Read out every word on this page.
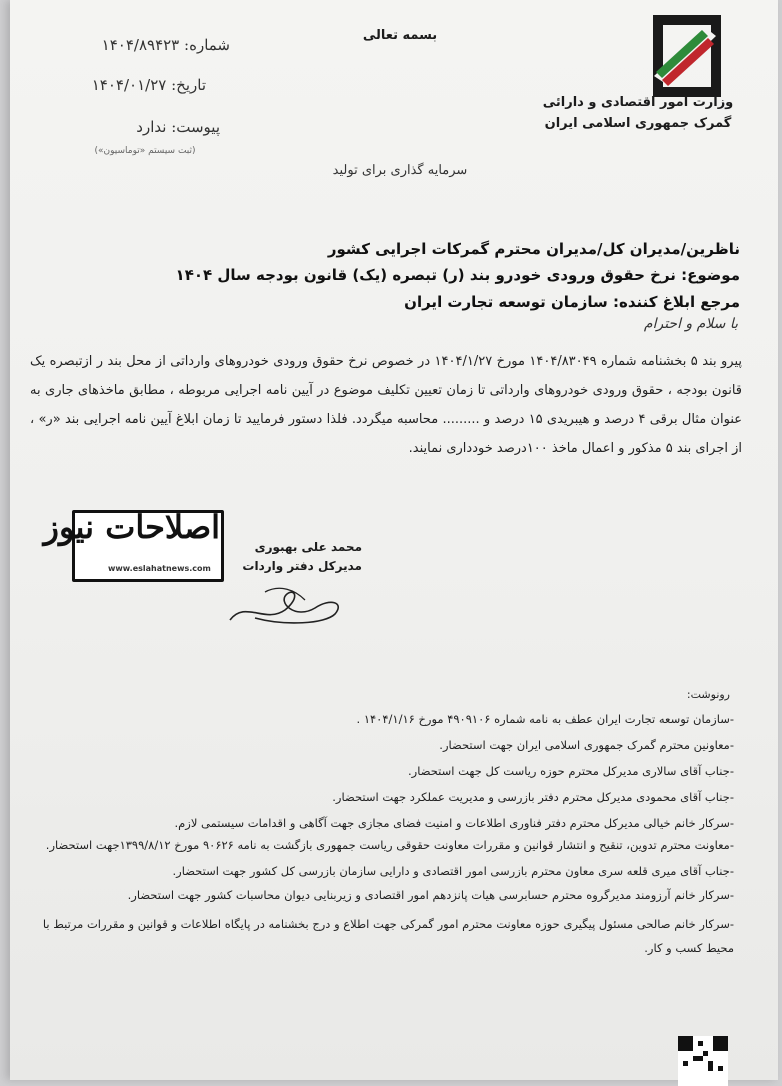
بسمه تعالی
شماره: ۱۴۰۴/۸۹۴۲۳
تاریخ: ۱۴۰۴/۰۱/۲۷
پیوست: ندارد
(ثبت سیستم «توماسیون»)
وزارت امور اقتصادی و دارائی
گمرک جمهوری اسلامی ایران
سرمایه گذاری برای تولید
ناظرین/مدیران کل/مدیران محترم گمرکات اجرایی کشور
موضوع: نرخ حقوق ورودی خودرو بند (ر) تبصره (یک) قانون بودجه سال ۱۴۰۴
مرجع ابلاغ کننده: سازمان توسعه تجارت ایران
با سلام و احترام
پیرو بند ۵ بخشنامه شماره ۱۴۰۴/۸۳۰۴۹ مورخ ۱۴۰۴/۱/۲۷ در خصوص نرخ حقوق ورودی خودروهای وارداتی از محل بند ر ازتبصره یک قانون بودجه ، حقوق ورودی خودروهای وارداتی تا زمان تعیین تکلیف موضوع در آیین نامه اجرایی مربوطه ، مطابق ماخذهای جاری به عنوان مثال برقی ۴ درصد و هیبریدی ۱۵ درصد و ......... محاسبه میگردد. فلذا دستور فرمایید تا زمان ابلاغ آیین نامه اجرایی بند «ر» ، از اجرای بند ۵ مذکور و اعمال ماخذ ۱۰۰درصد خودداری نمایند.
اصلاحات نیوز
www.eslahatnews.com
محمد علی بهبوری
مدیرکل دفتر واردات
رونوشت:
-سازمان توسعه تجارت ایران عطف به نامه شماره ۴۹۰۹۱۰۶ مورخ ۱۴۰۴/۱/۱۶ .
-معاونین محترم گمرک جمهوری اسلامی ایران جهت استحضار.
-جناب آقای سالاری مدیرکل محترم حوزه ریاست کل جهت استحضار.
-جناب آقای محمودی مدیرکل محترم دفتر بازرسی و مدیریت عملکرد جهت استحضار.
-سرکار خانم خیالی مدیرکل محترم دفتر فناوری اطلاعات و امنیت فضای مجازی جهت آگاهی و اقدامات سیستمی لازم.
-معاونت محترم تدوین، تنقیح و انتشار قوانین و مقررات معاونت حقوقی ریاست جمهوری بازگشت به نامه ۹۰۶۲۶ مورخ ۱۳۹۹/۸/۱۲جهت استحضار.
-جناب آقای میری قلعه سری معاون محترم بازرسی امور اقتصادی و دارایی سازمان بازرسی کل کشور جهت استحضار.
-سرکار خانم آرزومند مدیرگروه محترم حسابرسی هیات پانزدهم امور اقتصادی و زیربنایی دیوان محاسبات کشور جهت استحضار.
-سرکار خانم صالحی مسئول پیگیری حوزه معاونت محترم امور گمرکی جهت اطلاع و درج بخشنامه در پایگاه اطلاعات و قوانین و مقررات مرتبط با محیط کسب و کار.
